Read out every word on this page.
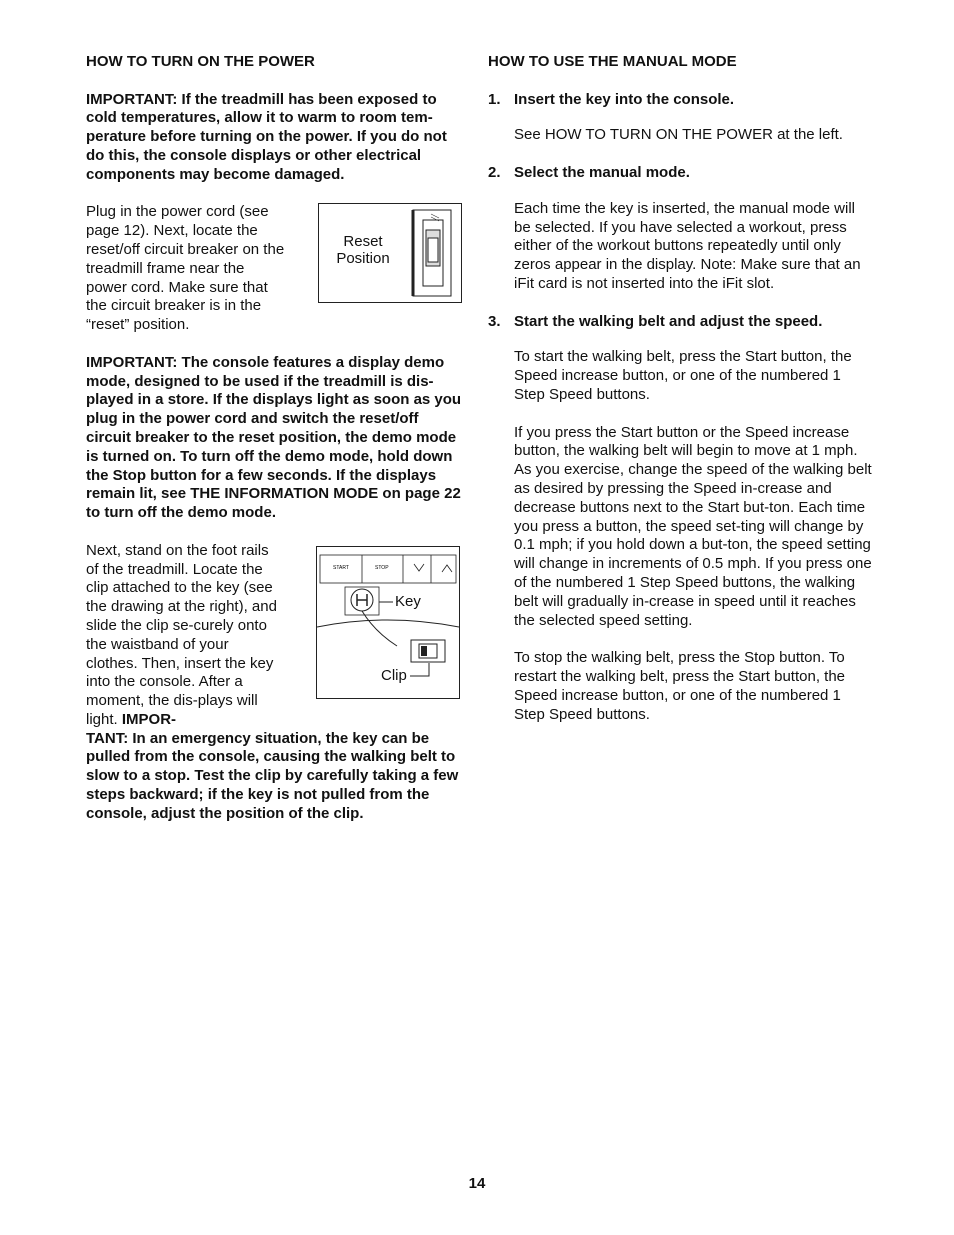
HOW TO TURN ON THE POWER

IMPORTANT: If the treadmill has been exposed to cold temperatures, allow it to warm to room tem-perature before turning on the power. If you do not do this, the console displays or other electrical components may become damaged.

Reset
Position

Plug in the power cord (see page 12). Next, locate the reset/off circuit breaker on the treadmill frame near the power cord. Make sure that the circuit breaker is in the “reset” position.

IMPORTANT: The console features a display demo mode, designed to be used if the treadmill is dis-played in a store. If the displays light as soon as you plug in the power cord and switch the reset/off circuit breaker to the reset position, the demo mode is turned on. To turn off the demo mode, hold down the Stop button for a few seconds. If the displays remain lit, see THE INFORMATION MODE on page 22 to turn off the demo mode.

START	STOP
Key
Clip

Next, stand on the foot rails of the treadmill. Locate the clip attached to the key (see the drawing at the right), and slide the clip se-curely onto the waistband of your clothes. Then, insert the key into the console. After a moment, the dis-plays will light. IMPOR-

TANT: In an emergency situation, the key can be pulled from the console, causing the walking belt to slow to a stop. Test the clip by carefully taking a few steps backward; if the key is not pulled from the console, adjust the position of the clip.

HOW TO USE THE MANUAL MODE
1. Insert the key into the console.

See HOW TO TURN ON THE POWER at the left.

2. Select the manual mode.

Each time the key is inserted, the manual mode will be selected. If you have selected a workout, press either of the workout buttons repeatedly until only zeros appear in the display. Note: Make sure that an iFit card is not inserted into the iFit slot.

3. Start the walking belt and adjust the speed.

To start the walking belt, press the Start button, the Speed increase button, or one of the numbered 1 Step Speed buttons.

If you press the Start button or the Speed increase button, the walking belt will begin to move at 1 mph. As you exercise, change the speed of the walking belt as desired by pressing the Speed in-crease and decrease buttons next to the Start but-ton. Each time you press a button, the speed set-ting will change by 0.1 mph; if you hold down a but-ton, the speed setting will change in increments of 0.5 mph. If you press one of the numbered 1 Step Speed buttons, the walking belt will gradually in-crease in speed until it reaches the selected speed setting.

To stop the walking belt, press the Stop button. To restart the walking belt, press the Start button, the Speed increase button, or one of the numbered 1 Step Speed buttons.

14
